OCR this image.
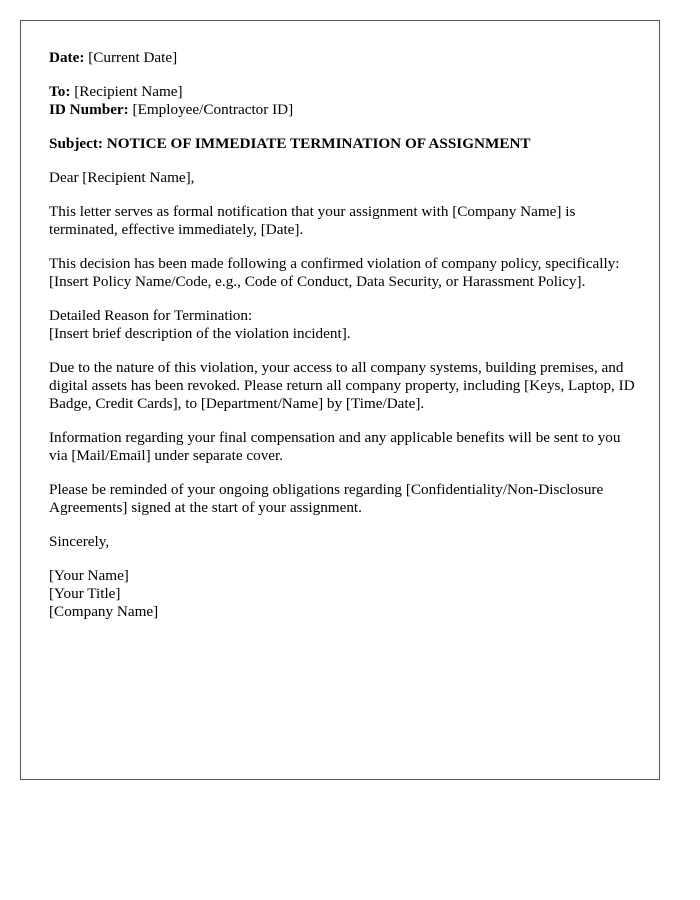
Date: [Current Date]

To: [Recipient Name]
ID Number: [Employee/Contractor ID]

Subject: NOTICE OF IMMEDIATE TERMINATION OF ASSIGNMENT

Dear [Recipient Name],

This letter serves as formal notification that your assignment with [Company Name] is terminated, effective immediately, [Date].

This decision has been made following a confirmed violation of company policy, specifically: [Insert Policy Name/Code, e.g., Code of Conduct, Data Security, or Harassment Policy].

Detailed Reason for Termination:
[Insert brief description of the violation incident].

Due to the nature of this violation, your access to all company systems, building premises, and digital assets has been revoked. Please return all company property, including [Keys, Laptop, ID Badge, Credit Cards], to [Department/Name] by [Time/Date].

Information regarding your final compensation and any applicable benefits will be sent to you via [Mail/Email] under separate cover.

Please be reminded of your ongoing obligations regarding [Confidentiality/Non-Disclosure Agreements] signed at the start of your assignment.

Sincerely,

[Your Name]
[Your Title]
[Company Name]
